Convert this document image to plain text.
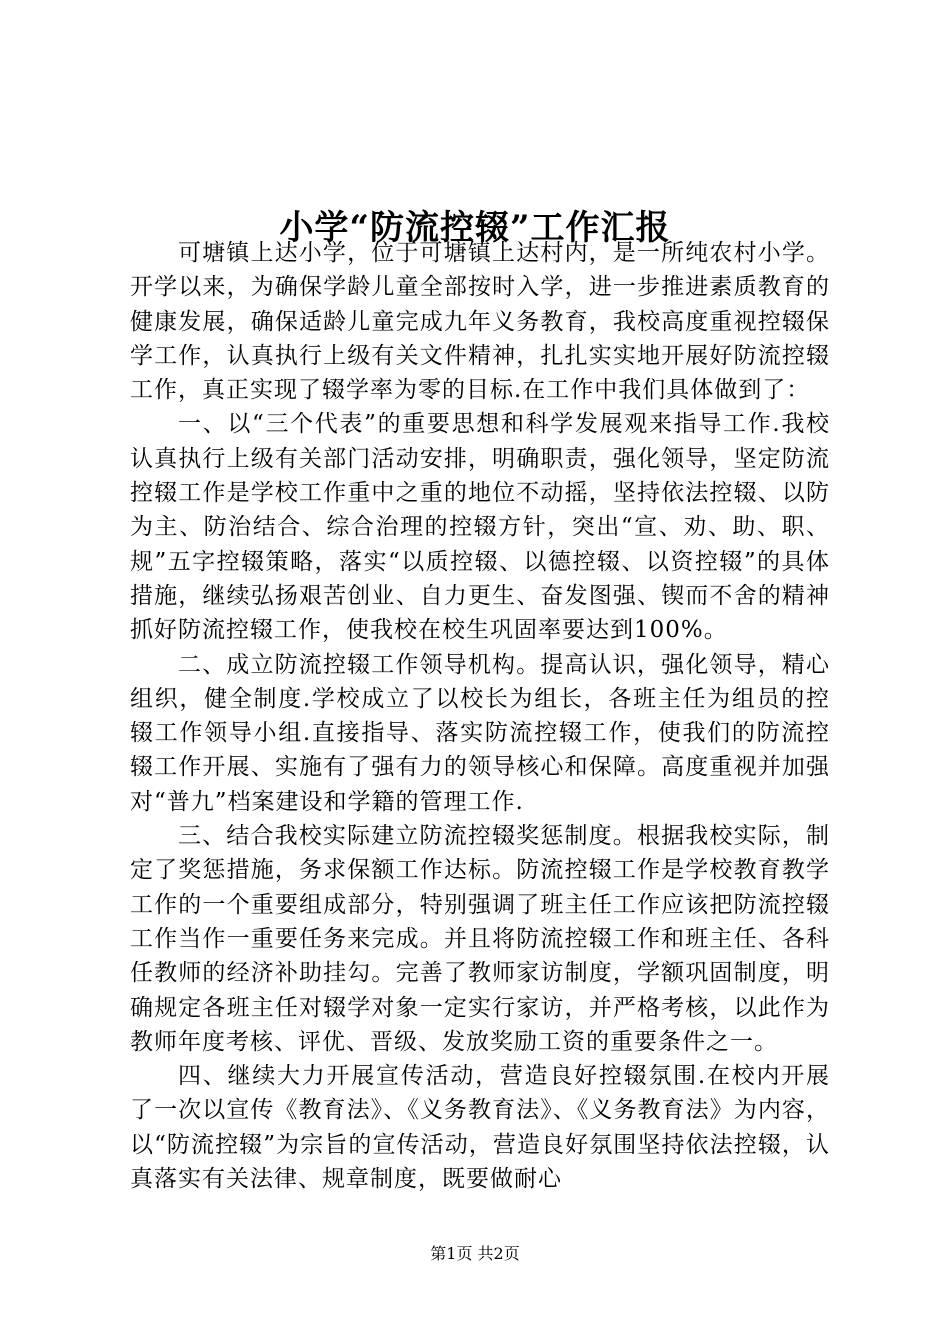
小学“防流控辍”工作汇报

可塘镇上达小学，位于可塘镇上达村内，是一所纯农村小学。开学以来，为确保学龄儿童全部按时入学，进一步推进素质教育的健康发展，确保适龄儿童完成九年义务教育，我校高度重视控辍保学工作，认真执行上级有关文件精神，扎扎实实地开展好防流控辍工作，真正实现了辍学率为零的目标.在工作中我们具体做到了：

一、以“三个代表”的重要思想和科学发展观来指导工作.我校认真执行上级有关部门活动安排，明确职责，强化领导，坚定防流控辍工作是学校工作重中之重的地位不动摇，坚持依法控辍、以防为主、防治结合、综合治理的控辍方针，突出“宣、劝、助、职、规”五字控辍策略，落实“以质控辍、以德控辍、以资控辍”的具体措施，继续弘扬艰苦创业、自力更生、奋发图强、锲而不舍的精神抓好防流控辍工作，使我校在校生巩固率要达到100%。

二、成立防流控辍工作领导机构。提高认识，强化领导，精心组织，健全制度.学校成立了以校长为组长，各班主任为组员的控辍工作领导小组.直接指导、落实防流控辍工作，使我们的防流控辍工作开展、实施有了强有力的领导核心和保障。高度重视并加强对“普九”档案建设和学籍的管理工作.

三、结合我校实际建立防流控辍奖惩制度。根据我校实际，制定了奖惩措施，务求保额工作达标。防流控辍工作是学校教育教学工作的一个重要组成部分，特别强调了班主任工作应该把防流控辍工作当作一重要任务来完成。并且将防流控辍工作和班主任、各科任教师的经济补助挂勾。完善了教师家访制度，学额巩固制度，明确规定各班主任对辍学对象一定实行家访，并严格考核，以此作为教师年度考核、评优、晋级、发放奖励工资的重要条件之一。

四、继续大力开展宣传活动，营造良好控辍氛围.在校内开展了一次以宣传《教育法》、《义务教育法》、《义务教育法》为内容，以“防流控辍”为宗旨的宣传活动，营造良好氛围坚持依法控辍，认真落实有关法律、规章制度，既要做耐心

第1页 共2页
